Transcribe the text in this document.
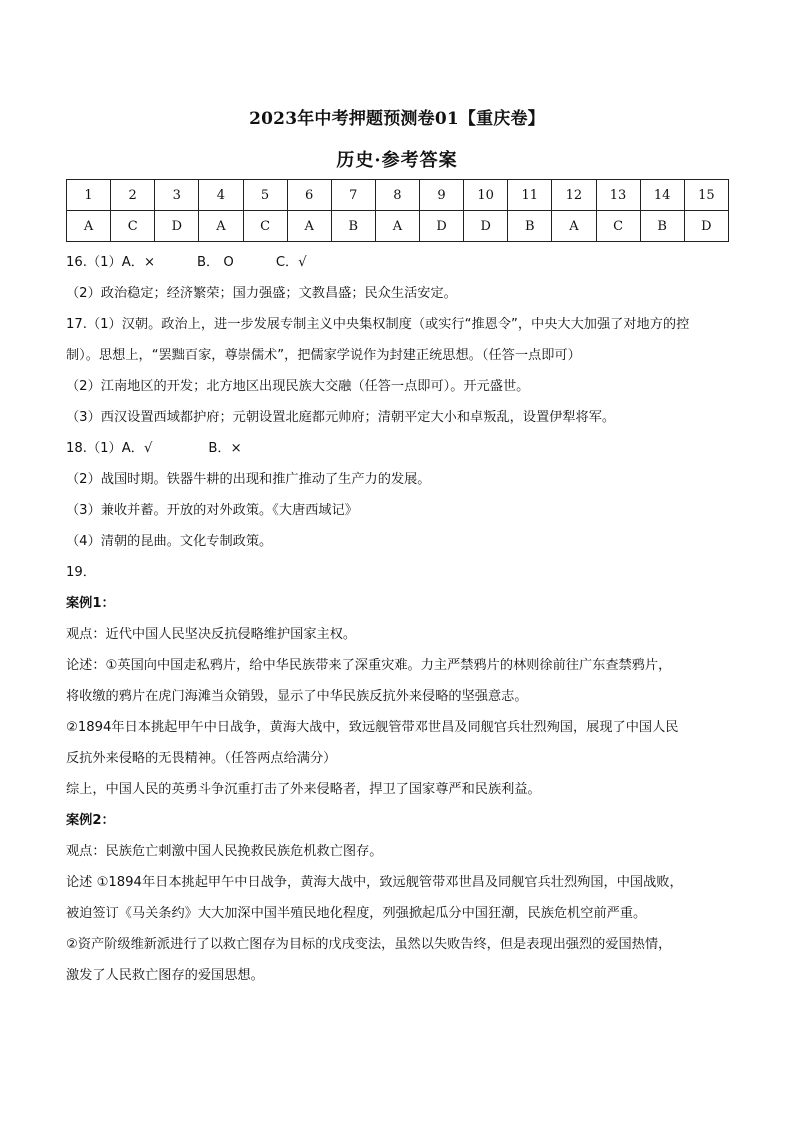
2023年中考押题预测卷01【重庆卷】
历史·参考答案
1	2	3	4	5	6	7	8	9	10	11	12	13	14	15
A	C	D	A	C	A	B	A	D	D	B	A	C	B	D
16.（1）A．×	B． O	C．√
（2）政治稳定；经济繁荣；国力强盛；文教昌盛；民众生活安定。
17.（1）汉朝。政治上，进一步发展专制主义中央集权制度（或实行“推恩令”，中央大大加强了对地方的控
制）。思想上，“罢黜百家，尊崇儒术”，把儒家学说作为封建正统思想。（任答一点即可）
（2）江南地区的开发；北方地区出现民族大交融（任答一点即可）。开元盛世。
（3）西汉设置西域都护府；元朝设置北庭都元帅府；清朝平定大小和卓叛乱，设置伊犁将军。
18.（1）A．√	B．×
（2）战国时期。铁器牛耕的出现和推广推动了生产力的发展。
（3）兼收并蓄。开放的对外政策。《大唐西域记》
（4）清朝的昆曲。文化专制政策。
19．
案例1：
观点：近代中国人民坚决反抗侵略维护国家主权。
论述：①英国向中国走私鸦片，给中华民族带来了深重灾难。力主严禁鸦片的林则徐前往广东查禁鸦片，
将收缴的鸦片在虎门海滩当众销毁，显示了中华民族反抗外来侵略的坚强意志。
②1894年日本挑起甲午中日战争，黄海大战中，致远舰管带邓世昌及同舰官兵壮烈殉国，展现了中国人民
反抗外来侵略的无畏精神。（任答两点给满分）
综上，中国人民的英勇斗争沉重打击了外来侵略者，捍卫了国家尊严和民族利益。
案例2：
观点：民族危亡刺激中国人民挽救民族危机救亡图存。
论述 ①1894年日本挑起甲午中日战争，黄海大战中，致远舰管带邓世昌及同舰官兵壮烈殉国，中国战败，
被迫签订《马关条约》大大加深中国半殖民地化程度，列强掀起瓜分中国狂潮，民族危机空前严重。
②资产阶级维新派进行了以救亡图存为目标的戊戌变法，虽然以失败告终，但是表现出强烈的爱国热情，
激发了人民救亡图存的爱国思想。
